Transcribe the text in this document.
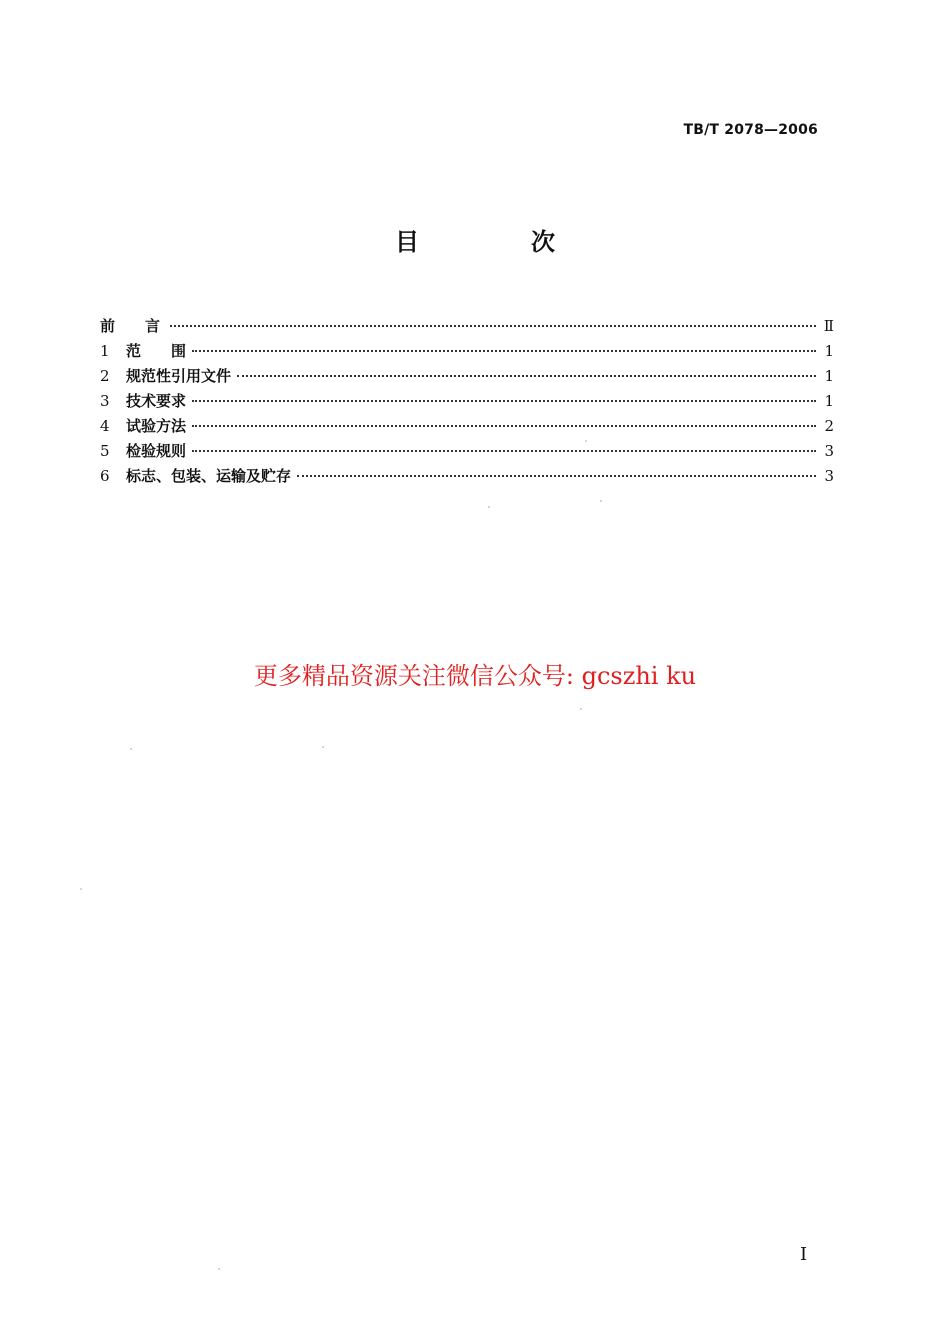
TB/T 2078—2006
目　次
前　　言	Ⅱ
1	范　　围	1
2	规范性引用文件	1
3	技术要求	1
4	试验方法	2
5	检验规则	3
6	标志、包装、运输及贮存	3
更多精品资源关注微信公众号: gcszhi ku
I
